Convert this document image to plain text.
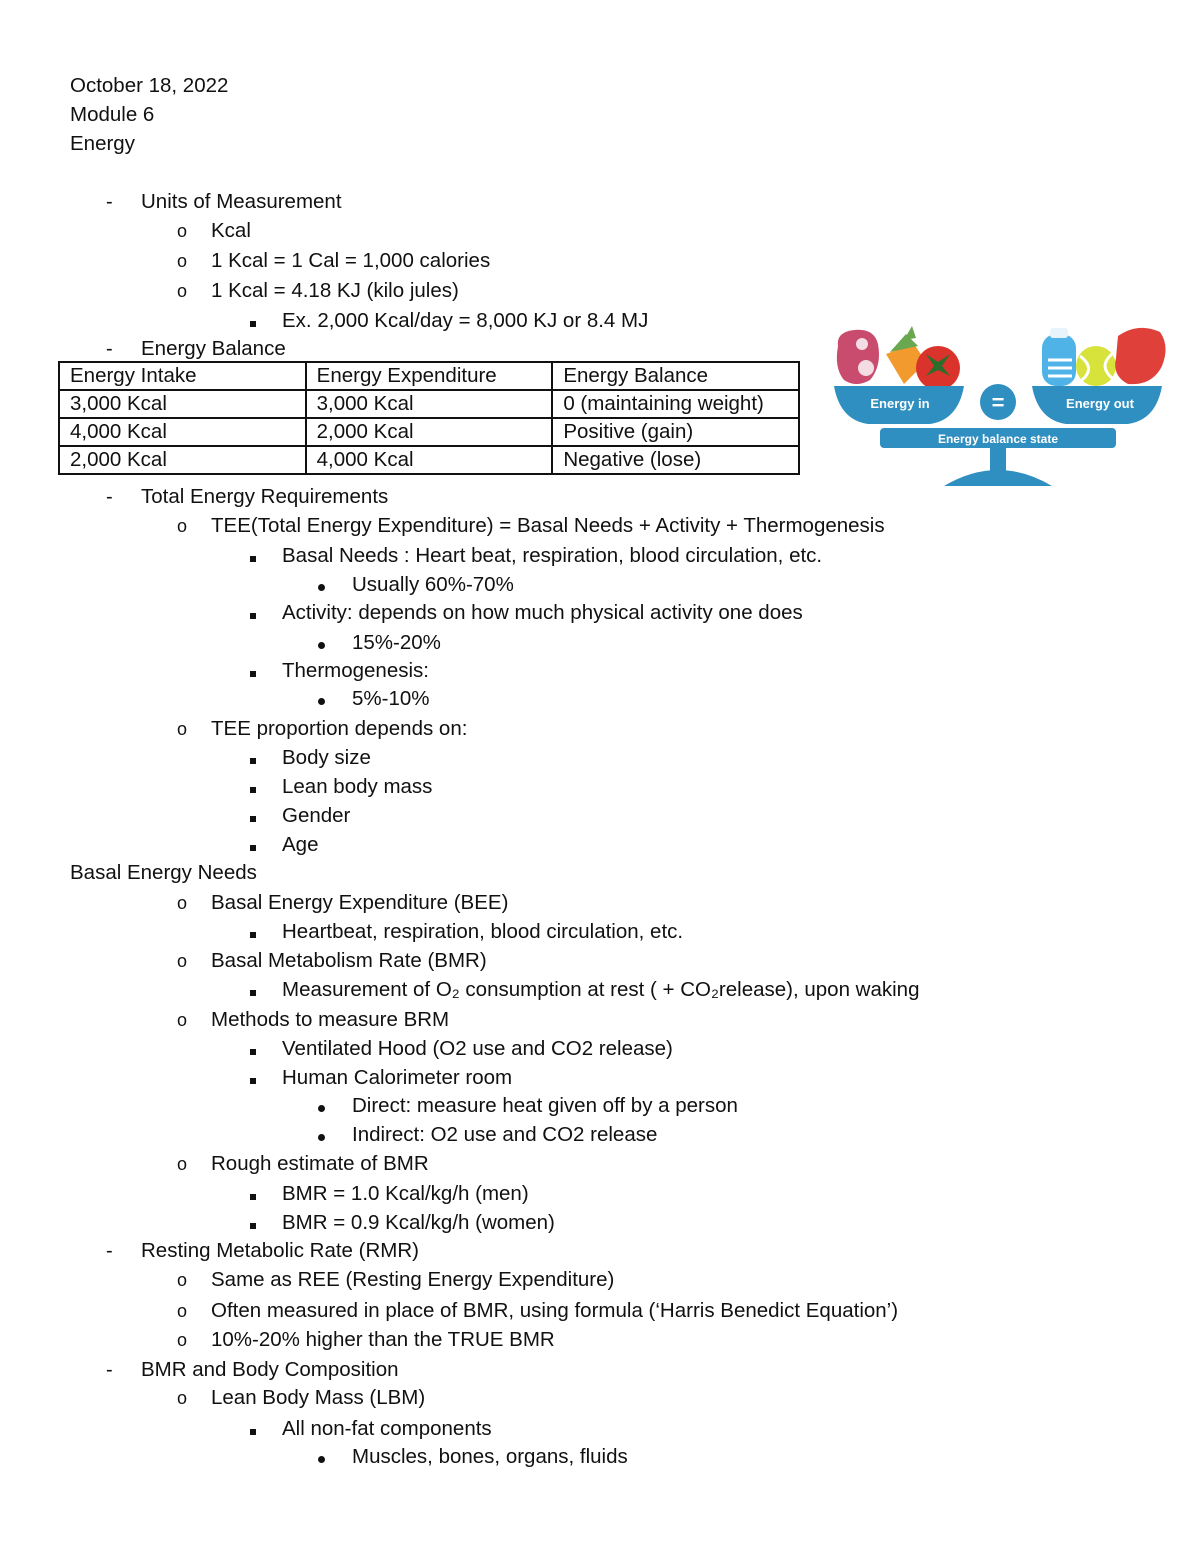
October 18, 2022
Module 6
Energy
- Units of Measurement
o Kcal
o 1 Kcal = 1 Cal = 1,000 calories
o 1 Kcal = 4.18 KJ (kilo jules)
Ex. 2,000 Kcal/day = 8,000 KJ or 8.4 MJ
- Energy Balance
Energy Intake	Energy Expenditure	Energy Balance
3,000 Kcal	3,000 Kcal	0 (maintaining weight)
4,000 Kcal	2,000 Kcal	Positive (gain)
2,000 Kcal	4,000 Kcal	Negative (lose)
Energy in	Energy out
=
Energy balance state
- Total Energy Requirements
o TEE(Total Energy Expenditure) = Basal Needs + Activity + Thermogenesis
Basal Needs : Heart beat, respiration, blood circulation, etc.
Usually 60%-70%
Activity: depends on how much physical activity one does
15%-20%
Thermogenesis:
5%-10%
o TEE proportion depends on:
Body size
Lean body mass
Gender
Age
Basal Energy Needs
o Basal Energy Expenditure (BEE)
Heartbeat, respiration, blood circulation, etc.
o Basal Metabolism Rate (BMR)
Measurement of O₂ consumption at rest ( + CO₂release), upon waking
o Methods to measure BRM
Ventilated Hood (O2 use and CO2 release)
Human Calorimeter room
Direct: measure heat given off by a person
Indirect: O2 use and CO2 release
o Rough estimate of BMR
BMR = 1.0 Kcal/kg/h (men)
BMR = 0.9 Kcal/kg/h (women)
- Resting Metabolic Rate (RMR)
o Same as REE (Resting Energy Expenditure)
o Often measured in place of BMR, using formula (‘Harris Benedict Equation’)
o 10%-20% higher than the TRUE BMR
- BMR and Body Composition
o Lean Body Mass (LBM)
All non-fat components
Muscles, bones, organs, fluids
